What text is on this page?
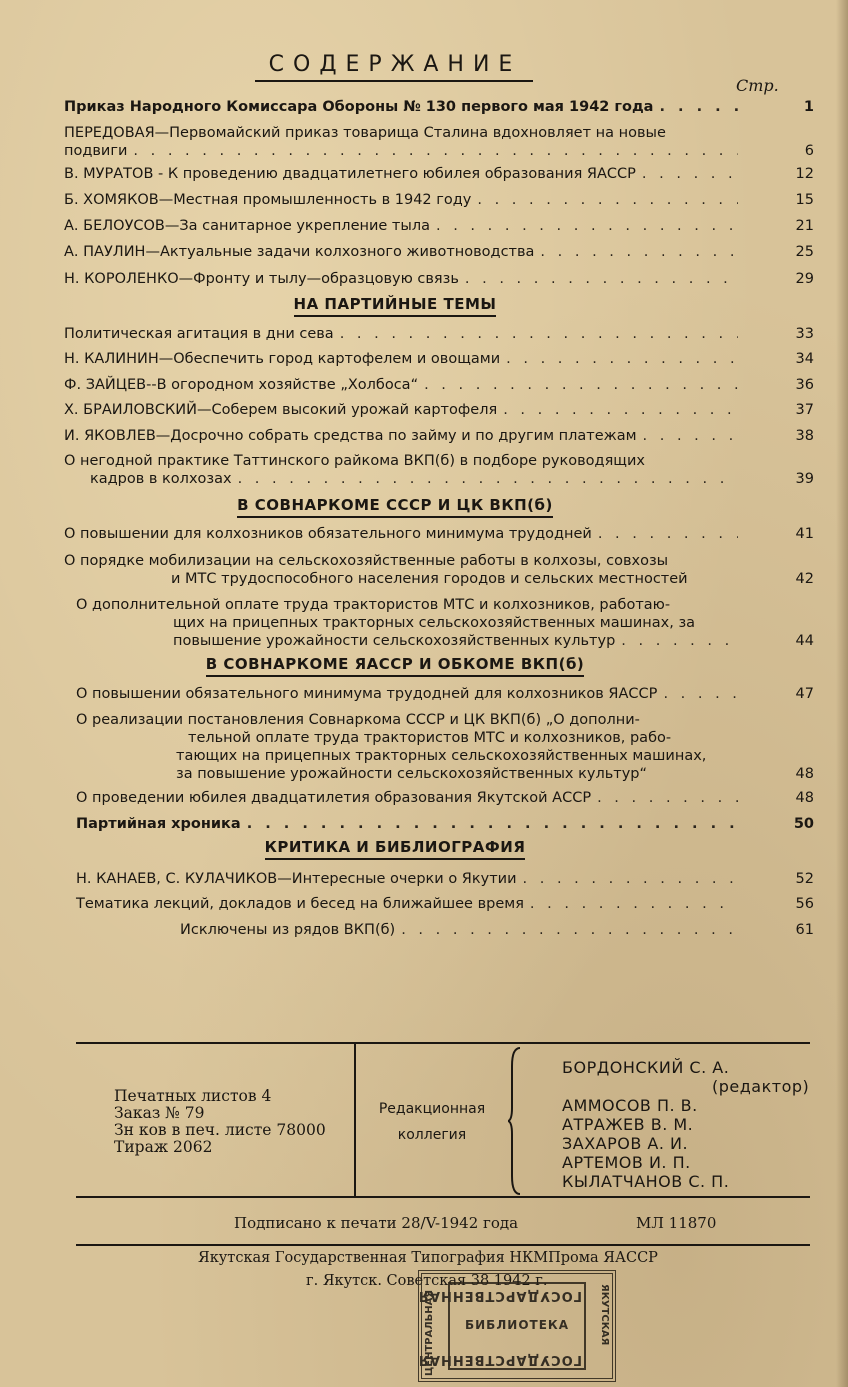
СОДЕРЖАНИЕ
Стр.
Приказ Народного Комиссара Обороны № 130 первого мая 1942 года . . .	1
ПЕРЕДОВАЯ—Первомайский приказ товарища Сталина вдохновляет на новые
подвиги . . .	6
В. МУРАТОВ - К проведению двадцатилетнего юбилея образования ЯАССР . . .	12
Б. ХОМЯКОВ—Местная промышленность в 1942 году . . .	15
А. БЕЛОУСОВ—За санитарное укрепление тыла . . .	21
А. ПАУЛИН—Актуальные задачи колхозного животноводства . . .	25
Н. КОРОЛЕНКО—Фронту и тылу—образцовую связь . . .	29
НА ПАРТИЙНЫЕ ТЕМЫ
Политическая агитация в дни сева . . .	33
Н. КАЛИНИН—Обеспечить город картофелем и овощами . . .	34
Ф. ЗАЙЦЕВ--В огородном хозяйстве „Холбоса“ . . .	36
Х. БРАИЛОВСКИЙ—Соберем высокий урожай картофеля . . .	37
И. ЯКОВЛЕВ—Досрочно собрать средства по займу и по другим платежам . . .	38
О негодной практике Таттинского райкома ВКП(б) в подборе руководящих
кадров в колхозах . . .	39
В СОВНАРКОМЕ СССР И ЦК ВКП(б)
О повышении для колхозников обязательного минимума трудодней . . .	41
О порядке мобилизации на сельскохозяйственные работы в колхозы, совхозы
и МТС трудоспособного населения городов и сельских местностей	42
О дополнительной оплате труда трактористов МТС и колхозников, работаю-
щих на прицепных тракторных сельскохозяйственных машинах, за
повышение урожайности сельскохозяйственных культур . . .	44
В СОВНАРКОМЕ ЯАССР И ОБКОМЕ ВКП(б)
О повышении обязательного минимума трудодней для колхозников ЯАССР . . .	47
О реализации постановления Совнаркома СССР и ЦК ВКП(б) „О дополни-
тельной оплате труда трактористов МТС и колхозников, рабо-
тающих на прицепных тракторных сельскохозяйственных машинах,
за повышение урожайности сельскохозяйственных культур“	48
О проведении юбилея двадцатилетия образования Якутской АССР . . .	48
Партийная хроника . . .	50
КРИТИКА И БИБЛИОГРАФИЯ
Н. КАНАЕВ, С. КУЛАЧИКОВ—Интересные очерки о Якутии . . .	52
Тематика лекций, докладов и бесед на ближайшее время . . .	56
Исключены из рядов ВКП(б) . . .	61
Печатных листов 4
Заказ № 79
Зн ков в печ. листе 78000
Тираж 2062
Редакционная
коллегия
БОРДОНСКИЙ С. А.
(редактор)
АММОСОВ П. В.
АТРАЖЕВ В. М.
ЗАХАРОВ А. И.
АРТЕМОВ И. П.
КЫЛАТЧАНОВ С. П.
Подписано к печати 28/V-1942 года	МЛ 11870
Якутская Государственная Типография НКМПрома ЯАССР
г. Якутск. Советская 38 1942 г.
ГОСУДАРСТВЕННАЯ
БИБЛИОТЕКА
ГОСУДАРСТВЕННАЯ
ЦЕНТРАЛЬНАЯ	ЯКУТСКАЯ
